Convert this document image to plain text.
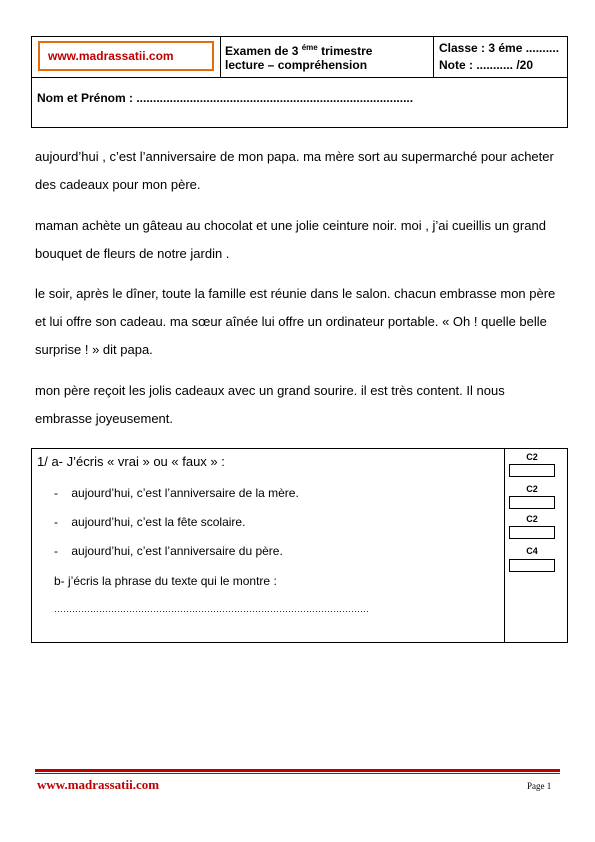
www.madrassatii.com	Examen de 3 $^{éme}$ trimestre
lecture – compréhension
Classe : 3 éme ..........
Note : ........... /20
Nom et Prénom : ...................................................................................
aujourd’hui , c’est l’anniversaire de mon papa. ma mère sort au supermarché pour acheter des cadeaux pour mon père.
maman achète un gâteau au chocolat et une jolie ceinture noir. moi , j’ai cueillis un grand bouquet de fleurs de notre jardin .
le soir, après le dîner, toute la famille est réunie dans le salon. chacun embrasse mon père et lui offre son cadeau. ma sœur aînée lui offre un ordinateur portable. « Oh ! quelle belle surprise ! » dit papa.
mon père reçoit les jolis cadeaux avec un grand sourire. il est très content. Il nous embrasse joyeusement.
1/ a- J’écris « vrai » ou « faux » :
-    aujourd’hui, c’est l’anniversaire de la mère.
-    aujourd’hui, c’est la fête scolaire.
-    aujourd’hui, c’est l’anniversaire du père.
b- j’écris la phrase du texte qui le montre :
……………………………………………………………………………………………
C2
C2
C2
C4
www.madrassatii.com	Page 1
